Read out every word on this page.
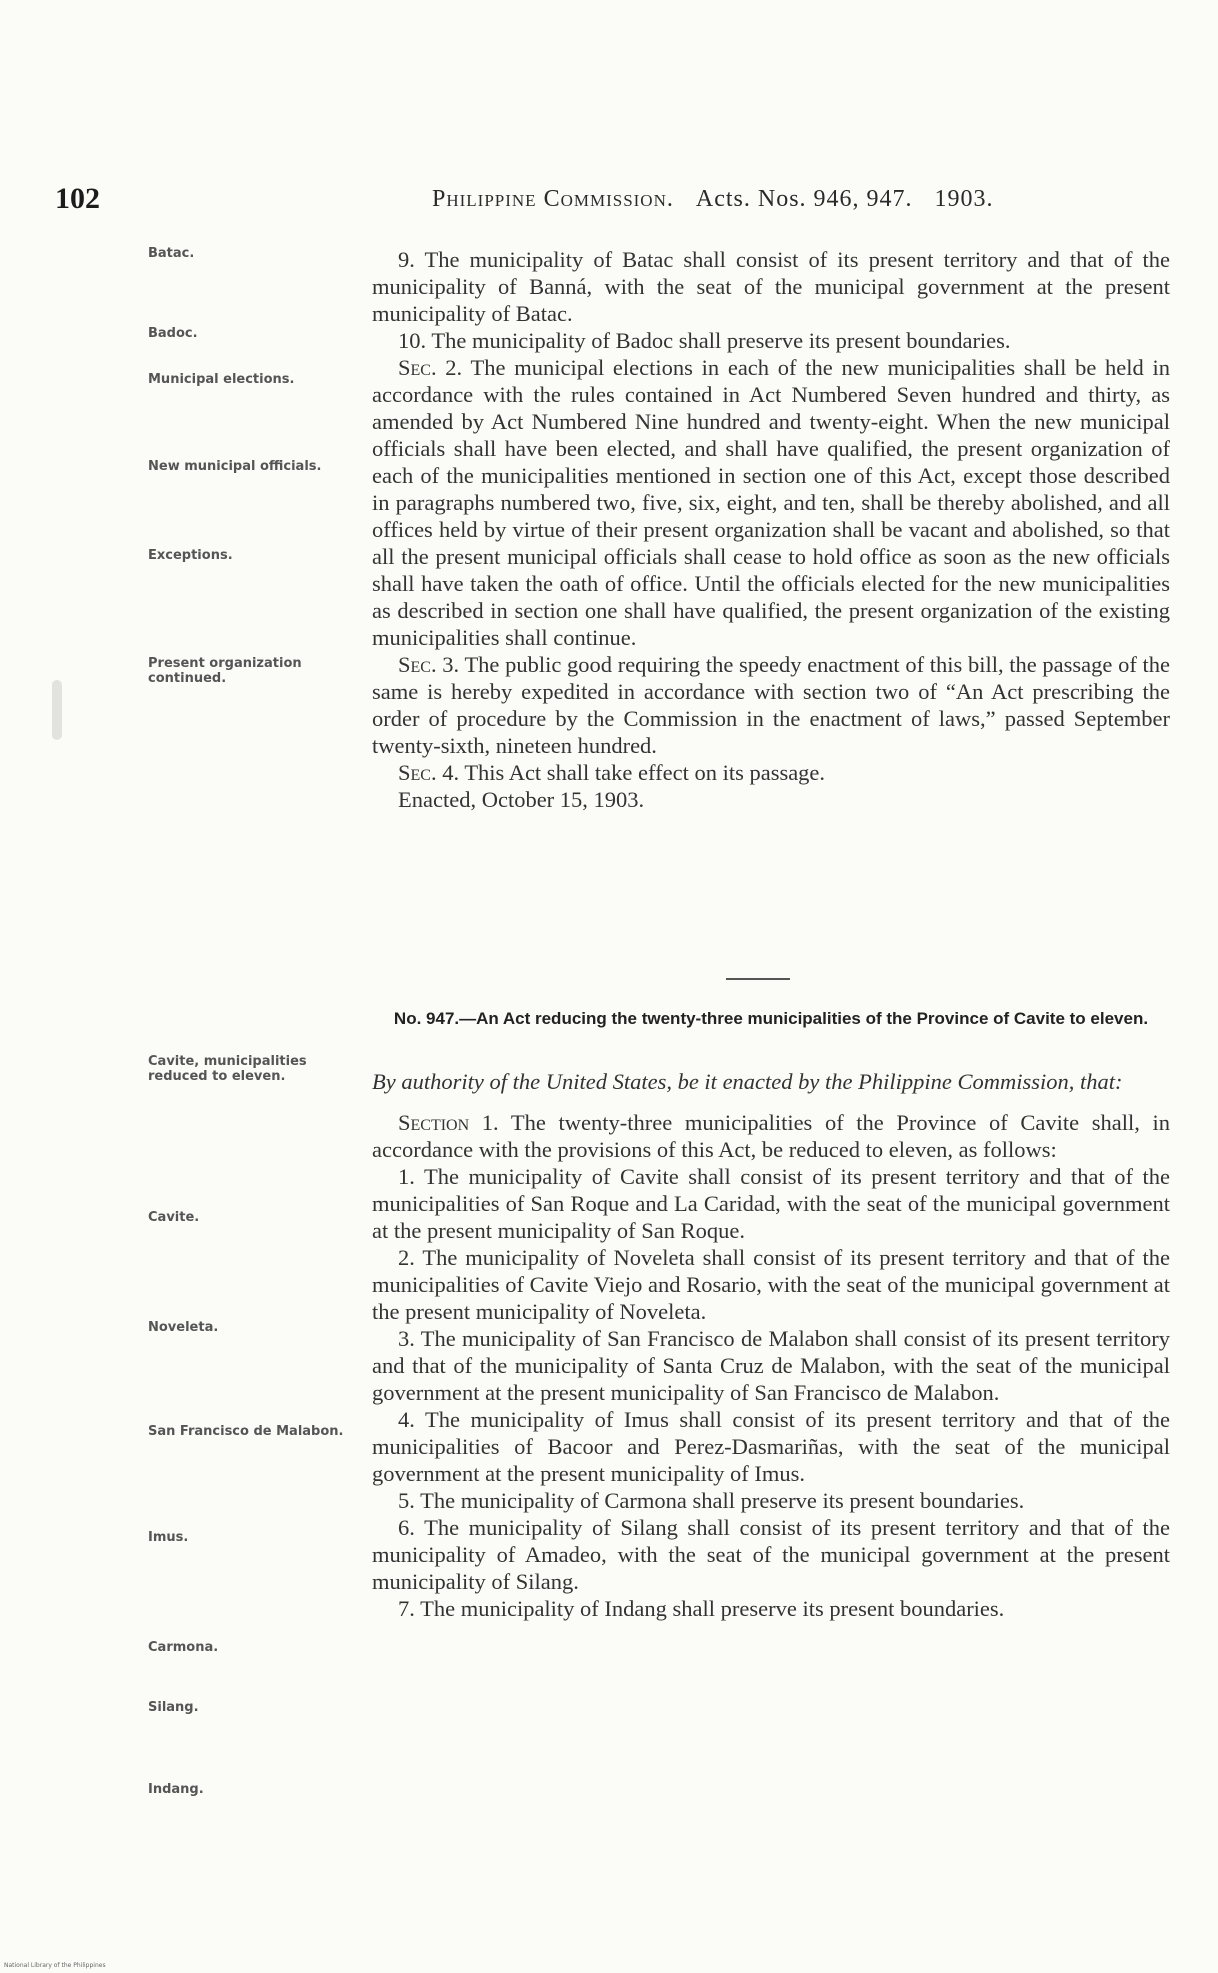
102	Philippine Commission. Acts. Nos. 946, 947. 1903.
Batac.
Badoc.
Municipal elections.
New municipal officials.
Exceptions.
Present organization continued.
Cavite, municipalities reduced to eleven.
Cavite.
Noveleta.
San Francisco de Malabon.
Imus.
Carmona.
Silang.
Indang.

9. The municipality of Batac shall consist of its present territory and that of the municipality of Banná, with the seat of the municipal government at the present municipality of Batac.

10. The municipality of Badoc shall preserve its present boundaries.

Sec. 2. The municipal elections in each of the new municipalities shall be held in accordance with the rules contained in Act Numbered Seven hundred and thirty, as amended by Act Numbered Nine hundred and twenty-eight. When the new municipal officials shall have been elected, and shall have qualified, the present organization of each of the municipalities mentioned in section one of this Act, except those described in paragraphs numbered two, five, six, eight, and ten, shall be thereby abolished, and all offices held by virtue of their present organization shall be vacant and abolished, so that all the present municipal officials shall cease to hold office as soon as the new officials shall have taken the oath of office. Until the officials elected for the new municipalities as described in section one shall have qualified, the present organization of the existing municipalities shall continue.

Sec. 3. The public good requiring the speedy enactment of this bill, the passage of the same is hereby expedited in accordance with section two of “An Act prescribing the order of procedure by the Commission in the enactment of laws,” passed September twenty-sixth, nineteen hundred.

Sec. 4. This Act shall take effect on its passage.

Enacted, October 15, 1903.

No. 947.—An Act reducing the twenty-three municipalities of the Province of Cavite to eleven.

By authority of the United States, be it enacted by the Philippine Commission, that:

Section 1. The twenty-three municipalities of the Province of Cavite shall, in accordance with the provisions of this Act, be reduced to eleven, as follows:

1. The municipality of Cavite shall consist of its present territory and that of the municipalities of San Roque and La Caridad, with the seat of the municipal government at the present municipality of San Roque.

2. The municipality of Noveleta shall consist of its present territory and that of the municipalities of Cavite Viejo and Rosario, with the seat of the municipal government at the present municipality of Noveleta.

3. The municipality of San Francisco de Malabon shall consist of its present territory and that of the municipality of Santa Cruz de Malabon, with the seat of the municipal government at the present municipality of San Francisco de Malabon.

4. The municipality of Imus shall consist of its present territory and that of the municipalities of Bacoor and Perez-Dasmariñas, with the seat of the municipal government at the present municipality of Imus.

5. The municipality of Carmona shall preserve its present boundaries.

6. The municipality of Silang shall consist of its present territory and that of the municipality of Amadeo, with the seat of the municipal government at the present municipality of Silang.

7. The municipality of Indang shall preserve its present boundaries.

National Library of the Philippines
